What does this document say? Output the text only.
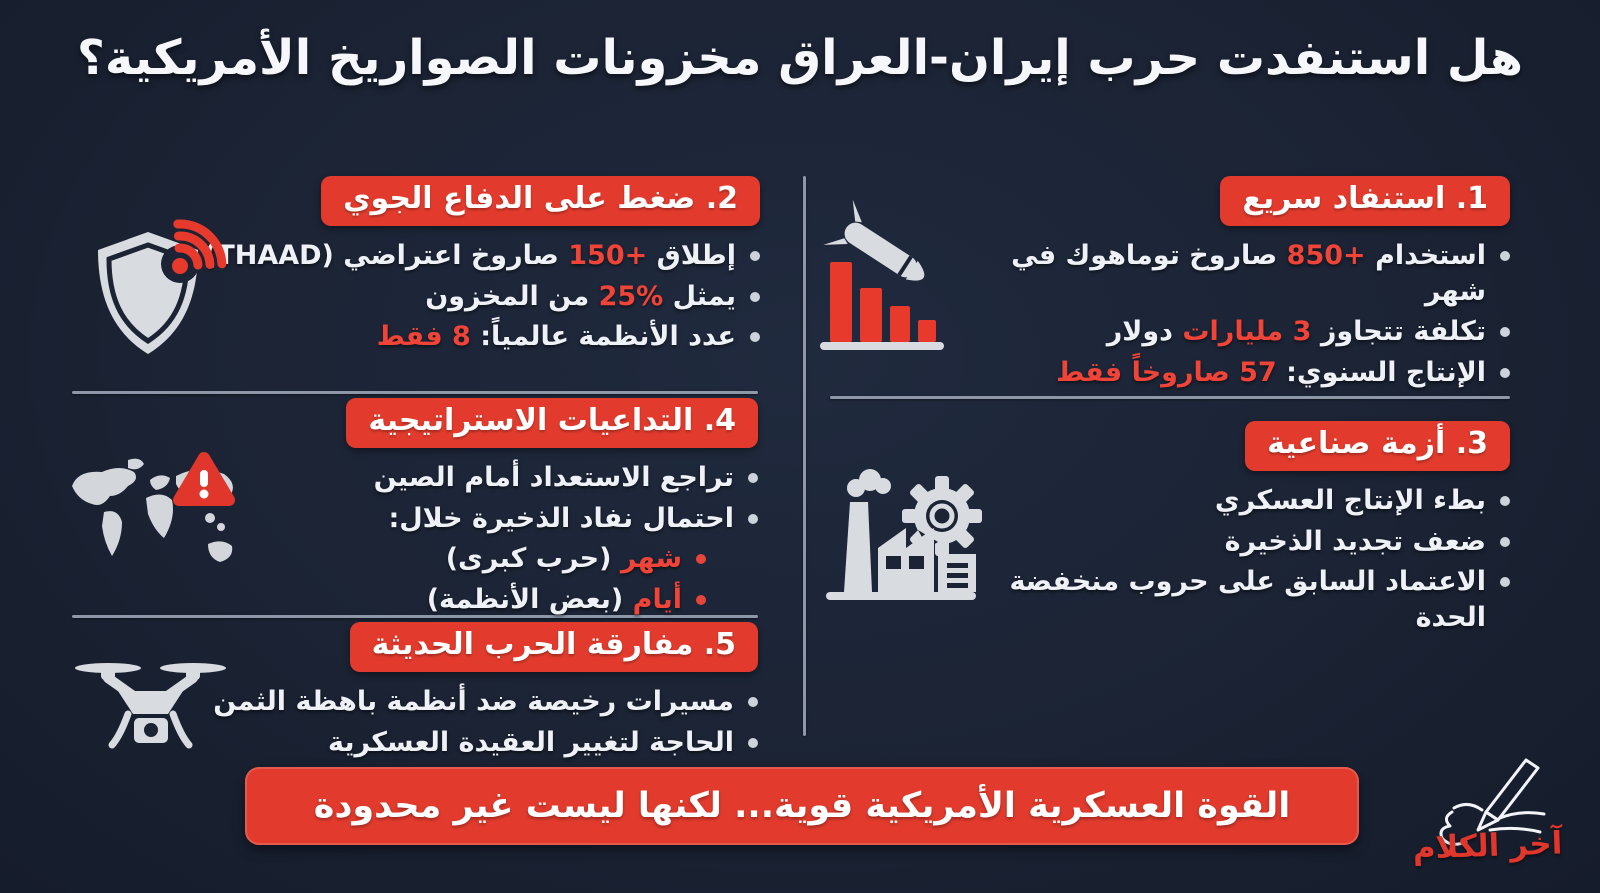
هل استنفدت حرب إيران-العراق مخزونات الصواريخ الأمريكية؟
1. استنفاد سريع
استخدام +850 صاروخ توماهوك في شهر
تكلفة تتجاوز 3 مليارات دولار
الإنتاج السنوي: 57 صاروخاً فقط
2. ضغط على الدفاع الجوي
إطلاق +150 صاروخ اعتراضي (THAAD)
يمثل %25 من المخزون
عدد الأنظمة عالمياً: 8 فقط
3. أزمة صناعية
بطء الإنتاج العسكري
ضعف تجديد الذخيرة
الاعتماد السابق على حروب منخفضة الحدة
4. التداعيات الاستراتيجية
تراجع الاستعداد أمام الصين
احتمال نفاد الذخيرة خلال:
شهر (حرب كبرى)
أيام (بعض الأنظمة)
5. مفارقة الحرب الحديثة
مسيرات رخيصة ضد أنظمة باهظة الثمن
الحاجة لتغيير العقيدة العسكرية
القوة العسكرية الأمريكية قوية... لكنها ليست غير محدودة
آخر الكلام
